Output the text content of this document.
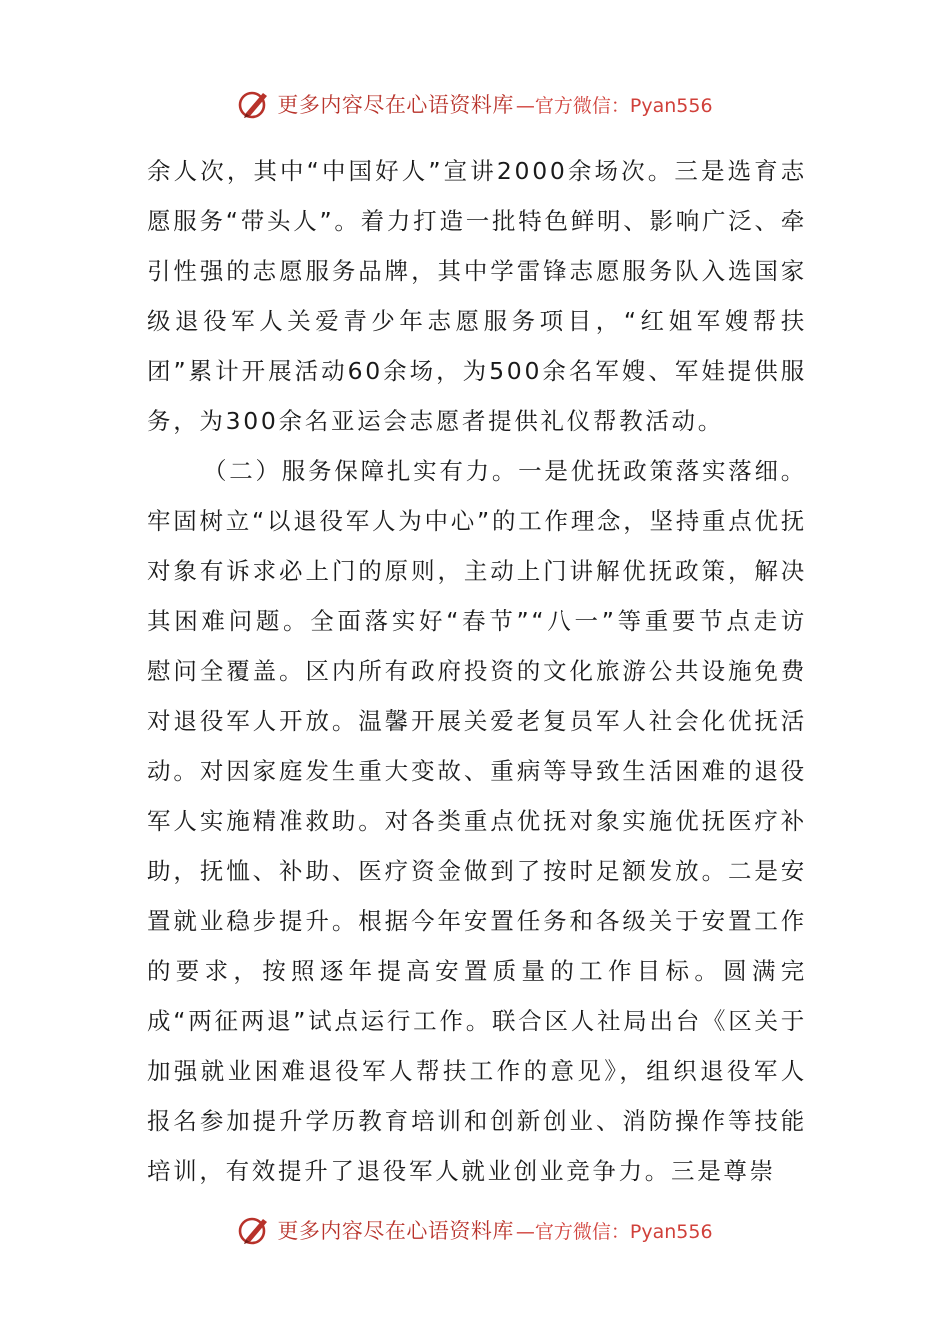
更多内容尽在心语资料库 —官方微信：Pyan556

余人次，其中“中国好人”宣讲2000余场次。三是选育志愿服务“带头人”。着力打造一批特色鲜明、影响广泛、牵引性强的志愿服务品牌，其中学雷锋志愿服务队入选国家级退役军人关爱青少年志愿服务项目，“红姐军嫂帮扶团”累计开展活动60余场，为500余名军嫂、军娃提供服务，为300余名亚运会志愿者提供礼仪帮教活动。

（二）服务保障扎实有力。一是优抚政策落实落细。牢固树立“以退役军人为中心”的工作理念，坚持重点优抚对象有诉求必上门的原则，主动上门讲解优抚政策，解决其困难问题。全面落实好“春节”“八一”等重要节点走访慰问全覆盖。区内所有政府投资的文化旅游公共设施免费对退役军人开放。温馨开展关爱老复员军人社会化优抚活动。对因家庭发生重大变故、重病等导致生活困难的退役军人实施精准救助。对各类重点优抚对象实施优抚医疗补助，抚恤、补助、医疗资金做到了按时足额发放。二是安置就业稳步提升。根据今年安置任务和各级关于安置工作的要求，按照逐年提高安置质量的工作目标。圆满完成“两征两退”试点运行工作。联合区人社局出台《区关于加强就业困难退役军人帮扶工作的意见》，组织退役军人报名参加提升学历教育培训和创新创业、消防操作等技能培训，有效提升了退役军人就业创业竞争力。三是尊崇

更多内容尽在心语资料库 —官方微信：Pyan556
